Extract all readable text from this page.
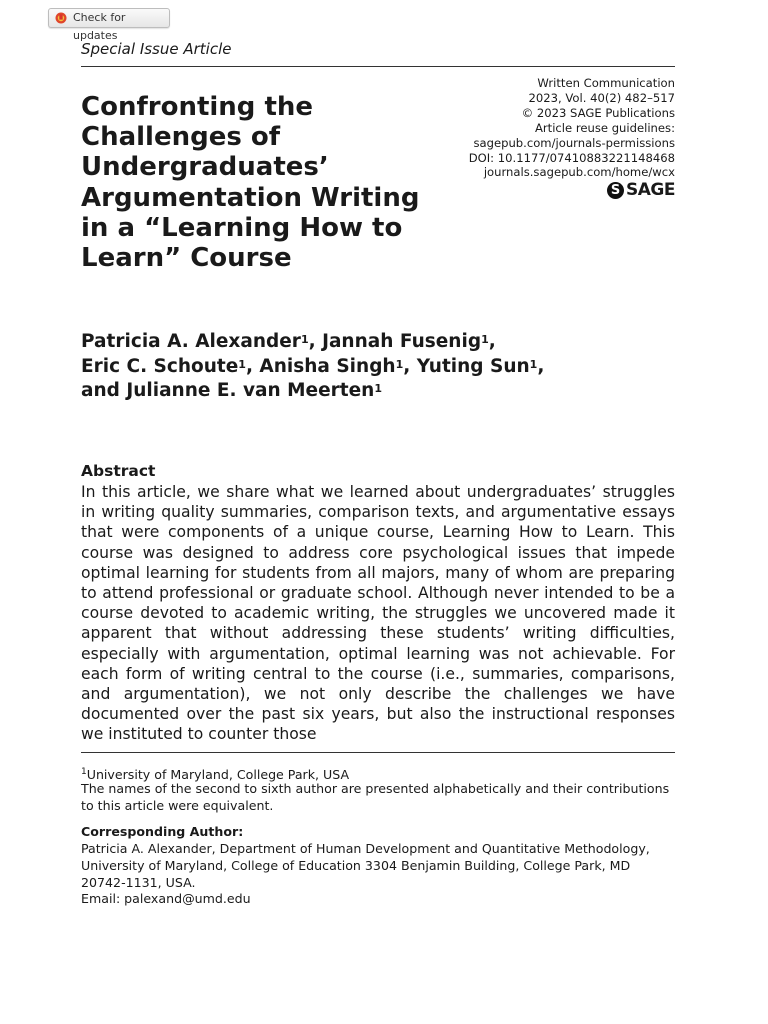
Check for updates
Special Issue Article
Written Communication
2023, Vol. 40(2) 482–517
© 2023 SAGE Publications
Article reuse guidelines:
sagepub.com/journals-permissions
DOI: 10.1177/07410883221148468
journals.sagepub.com/home/wcx
S SAGE
Confronting the
Challenges of
Undergraduates’
Argumentation Writing
in a “Learning How to
Learn” Course
Patricia A. Alexander$^1$, Jannah Fusenig$^1$,
Eric C. Schoute$^1$, Anisha Singh$^1$, Yuting Sun$^1$,
and Julianne E. van Meerten$^1$
Abstract
In this article, we share what we learned about undergraduates’ struggles in writing quality summaries, comparison texts, and argumentative essays that were components of a unique course, Learning How to Learn. This course was designed to address core psychological issues that impede optimal learning for students from all majors, many of whom are preparing to attend professional or graduate school. Although never intended to be a course devoted to academic writing, the struggles we uncovered made it apparent that without addressing these students’ writing difficulties, especially with argumentation, optimal learning was not achievable. For each form of writing central to the course (i.e., summaries, comparisons, and argumentation), we not only describe the challenges we have documented over the past six years, but also the instructional responses we instituted to counter those
$^1$University of Maryland, College Park, USA
The names of the second to sixth author are presented alphabetically and their contributions to this article were equivalent.
Corresponding Author:
Patricia A. Alexander, Department of Human Development and Quantitative Methodology,
University of Maryland, College of Education 3304 Benjamin Building, College Park, MD
20742-1131, USA.
Email: palexand@umd.edu
